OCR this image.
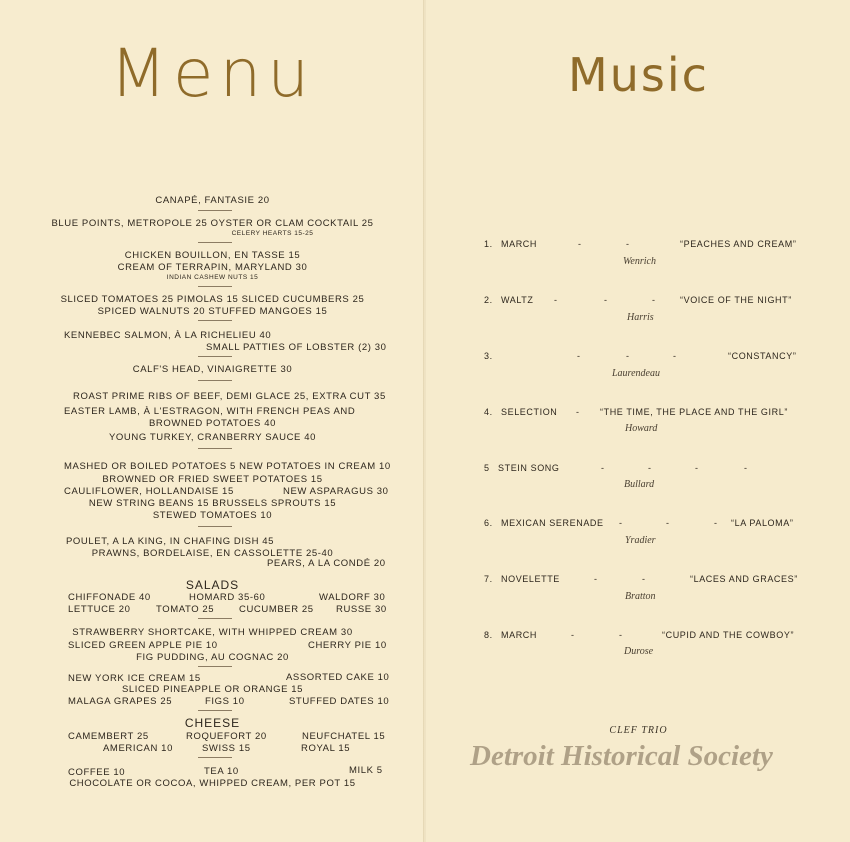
Menu
CANAPÉ, FANTASIE 20
BLUE POINTS, METROPOLE 25 OYSTER OR CLAM COCKTAIL 25
CELERY HEARTS 15-25
CHICKEN BOUILLON, EN TASSE 15
CREAM OF TERRAPIN, MARYLAND 30
INDIAN CASHEW NUTS 15
SLICED TOMATOES 25 PIMOLAS 15 SLICED CUCUMBERS 25
SPICED WALNUTS 20 STUFFED MANGOES 15
KENNEBEC SALMON, À LA RICHELIEU 40
SMALL PATTIES OF LOBSTER (2) 30
CALF'S HEAD, VINAIGRETTE 30
ROAST PRIME RIBS OF BEEF, DEMI GLACE 25, EXTRA CUT 35
EASTER LAMB, À L'ESTRAGON, WITH FRENCH PEAS AND
BROWNED POTATOES 40
YOUNG TURKEY, CRANBERRY SAUCE 40
MASHED OR BOILED POTATOES 5 NEW POTATOES IN CREAM 10
BROWNED OR FRIED SWEET POTATOES 15
CAULIFLOWER, HOLLANDAISE 15	NEW ASPARAGUS 30
NEW STRING BEANS 15 BRUSSELS SPROUTS 15
STEWED TOMATOES 10
POULET, A LA KING, IN CHAFING DISH 45
PRAWNS, BORDELAISE, EN CASSOLETTE 25-40
PEARS, A LA CONDÉ 20
SALADS
CHIFFONADE 40	HOMARD 35-60	WALDORF 30
LETTUCE 20	TOMATO 25	CUCUMBER 25 RUSSE 30
STRAWBERRY SHORTCAKE, WITH WHIPPED CREAM 30
SLICED GREEN APPLE PIE 10	CHERRY PIE 10
FIG PUDDING, AU COGNAC 20
NEW YORK ICE CREAM 15	ASSORTED CAKE 10
SLICED PINEAPPLE OR ORANGE 15
MALAGA GRAPES 25	FIGS 10	STUFFED DATES 10
CHEESE
CAMEMBERT 25	ROQUEFORT 20	NEUFCHATEL 15
AMERICAN 10	SWISS 15	ROYAL 15
COFFEE 10	TEA 10	MILK 5
CHOCOLATE OR COCOA, WHIPPED CREAM, PER POT 15
Music
1. MARCH	-	-	“PEACHES AND CREAM”
Wenrich
2. WALTZ -	-	-	“VOICE OF THE NIGHT”
Harris
3.	-	-	-	“CONSTANCY”
Laurendeau
4. SELECTION - “THE TIME, THE PLACE AND THE GIRL”
Howard
5 STEIN SONG	-	-	-	-
Bullard
6. MEXICAN SERENADE -	-	- “LA PALOMA”
Yradier
7. NOVELETTE	-	-	“LACES AND GRACES”
Bratton
8. MARCH	-	-	“CUPID AND THE COWBOY”
Durose
CLEF TRIO
Detroit Historical Society
